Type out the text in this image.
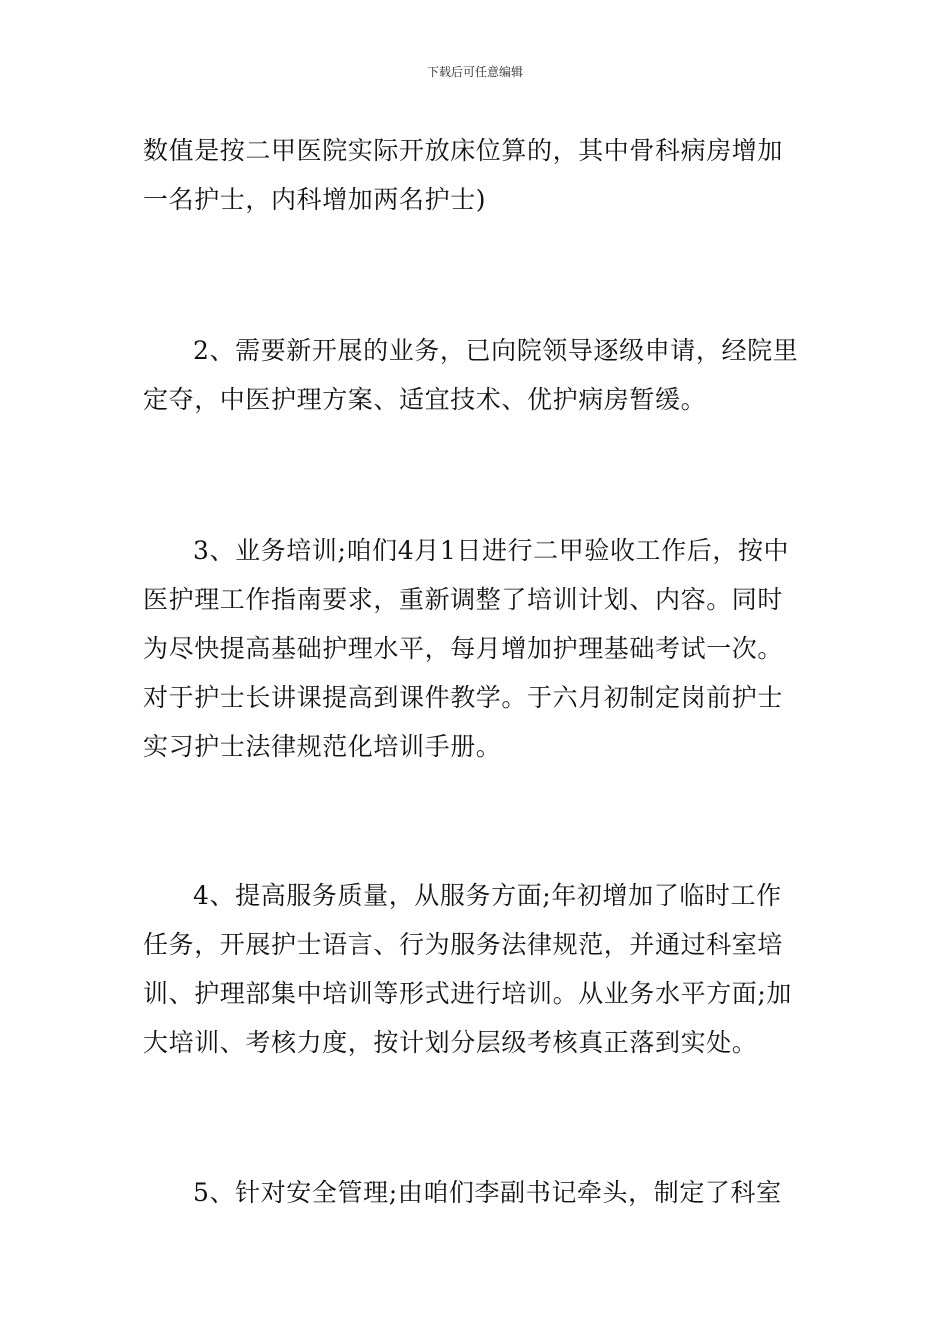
下载后可任意编辑
数值是按二甲医院实际开放床位算的，其中骨科病房增加
一名护士，内科增加两名护士)
2、需要新开展的业务，已向院领导逐级申请，经院里
定夺，中医护理方案、适宜技术、优护病房暂缓。
3、业务培训;咱们4月1日进行二甲验收工作后，按中
医护理工作指南要求，重新调整了培训计划、内容。同时
为尽快提高基础护理水平，每月增加护理基础考试一次。
对于护士长讲课提高到课件教学。于六月初制定岗前护士
实习护士法律规范化培训手册。
4、提高服务质量，从服务方面;年初增加了临时工作
任务，开展护士语言、行为服务法律规范，并通过科室培
训、护理部集中培训等形式进行培训。从业务水平方面;加
大培训、考核力度，按计划分层级考核真正落到实处。
5、针对安全管理;由咱们李副书记牵头，制定了科室
